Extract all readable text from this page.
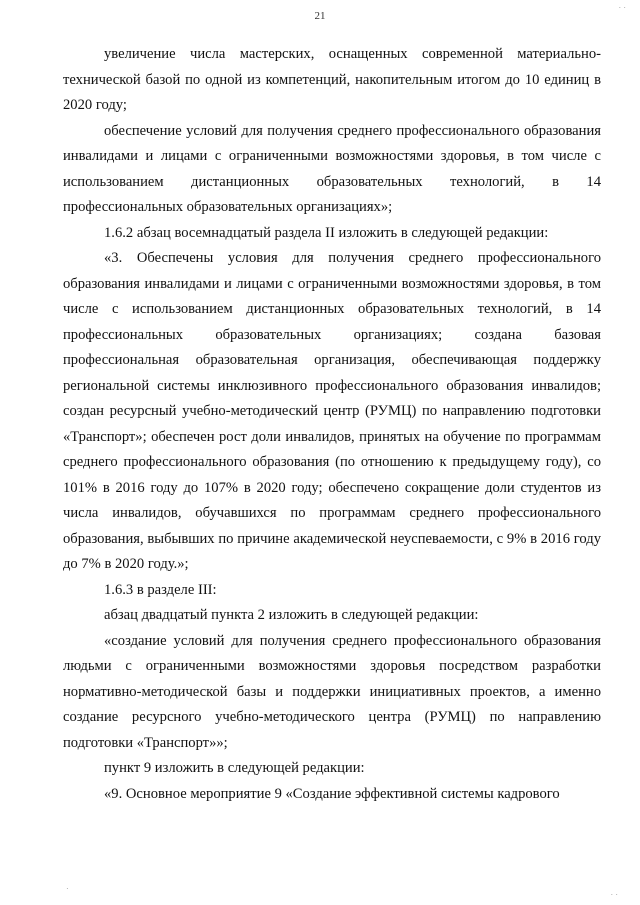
21
· ·

увеличение числа мастерских, оснащенных современной материально-технической базой по одной из компетенций, накопительным итогом до 10 единиц в 2020 году;

обеспечение условий для получения среднего профессионального образования инвалидами и лицами с ограниченными возможностями здоровья, в том числе с использованием дистанционных образовательных технологий, в 14 профессиональных образовательных организациях»;

1.6.2 абзац восемнадцатый раздела II изложить в следующей редакции:

«3. Обеспечены условия для получения среднего профессионального образования инвалидами и лицами с ограниченными возможностями здоровья, в том числе с использованием дистанционных образовательных технологий, в 14 профессиональных образовательных организациях; создана базовая профессиональная образовательная организация, обеспечивающая поддержку региональной системы инклюзивного профессионального образования инвалидов; создан ресурсный учебно-методический центр (РУМЦ) по направлению подготовки «Транспорт»; обеспечен рост доли инвалидов, принятых на обучение по программам среднего профессионального образования (по отношению к предыдущему году), со 101% в 2016 году до 107% в 2020 году; обеспечено сокращение доли студентов из числа инвалидов, обучавшихся по программам среднего профессионального образования, выбывших по причине академической неуспеваемости, с 9% в 2016 году до 7% в 2020 году.»;

1.6.3 в разделе III:

абзац двадцатый пункта 2 изложить в следующей редакции:

«создание условий для получения среднего профессионального образования людьми с ограниченными возможностями здоровья посредством разработки нормативно-методической базы и поддержки инициативных проектов, а именно создание ресурсного учебно-методического центра (РУМЦ) по направлению подготовки «Транспорт»»;

пункт 9 изложить в следующей редакции:

«9. Основное мероприятие 9 «Создание эффективной системы кадрового

·
· ·
